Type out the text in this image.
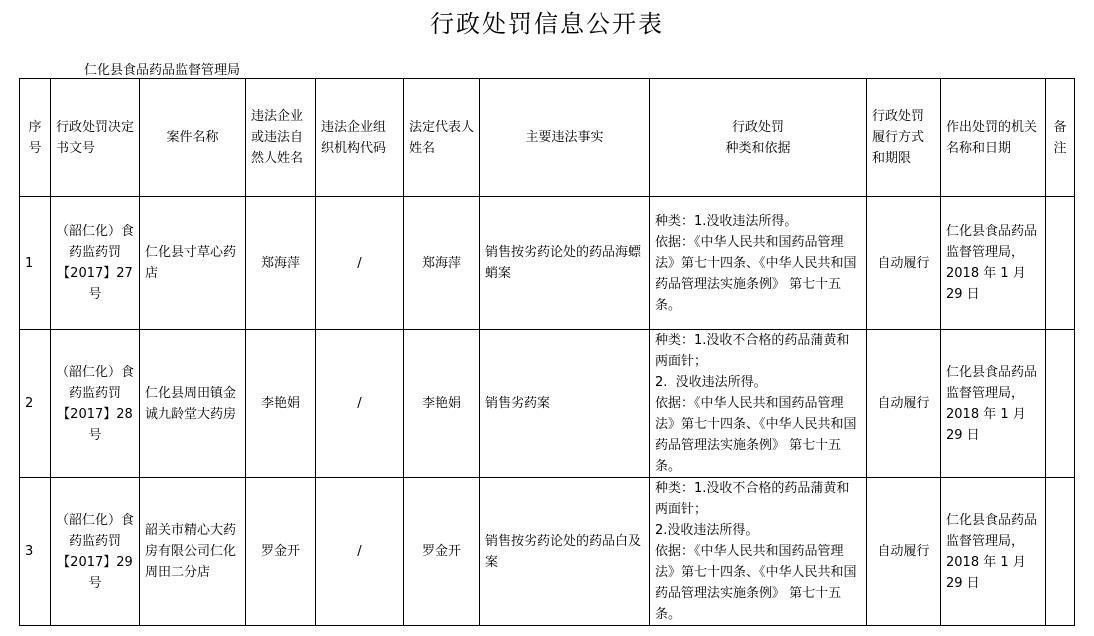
行政处罚信息公开表
仁化县食品药品监督管理局
序号	行政处罚决定书文号	案件名称	违法企业或违法自然人姓名	违法企业组织机构代码	法定代表人姓名	主要违法事实	行政处罚
种类和依据	行政处罚履行方式和期限	作出处罚的机关名称和日期	备注
1	（韶仁化）食药监药罚【2017】27号	仁化县寸草心药店	郑海萍	/	郑海萍	销售按劣药论处的药品海螵蛸案	种类：1.没收违法所得。
依据：《中华人民共和国药品管理法》第七十四条、《中华人民共和国药品管理法实施条例》 第七十五条。	自动履行	仁化县食品药品监督管理局，2018 年 1 月 29 日	
2	（韶仁化）食药监药罚【2017】28号	仁化县周田镇金诚九龄堂大药房	李艳娟	/	李艳娟	销售劣药案	种类：1.没收不合格的药品蒲黄和两面针；
2.  没收违法所得。
依据：《中华人民共和国药品管理法》第七十四条、《中华人民共和国药品管理法实施条例》 第七十五条。	自动履行	仁化县食品药品监督管理局，2018 年 1 月 29 日	
3	（韶仁化）食药监药罚【2017】29号	韶关市精心大药房有限公司仁化周田二分店	罗金开	/	罗金开	销售按劣药论处的药品白及案	种类：1.没收不合格的药品蒲黄和两面针；
2.没收违法所得。
依据：《中华人民共和国药品管理法》第七十四条、《中华人民共和国药品管理法实施条例》 第七十五条。	自动履行	仁化县食品药品监督管理局，2018 年 1 月 29 日	
